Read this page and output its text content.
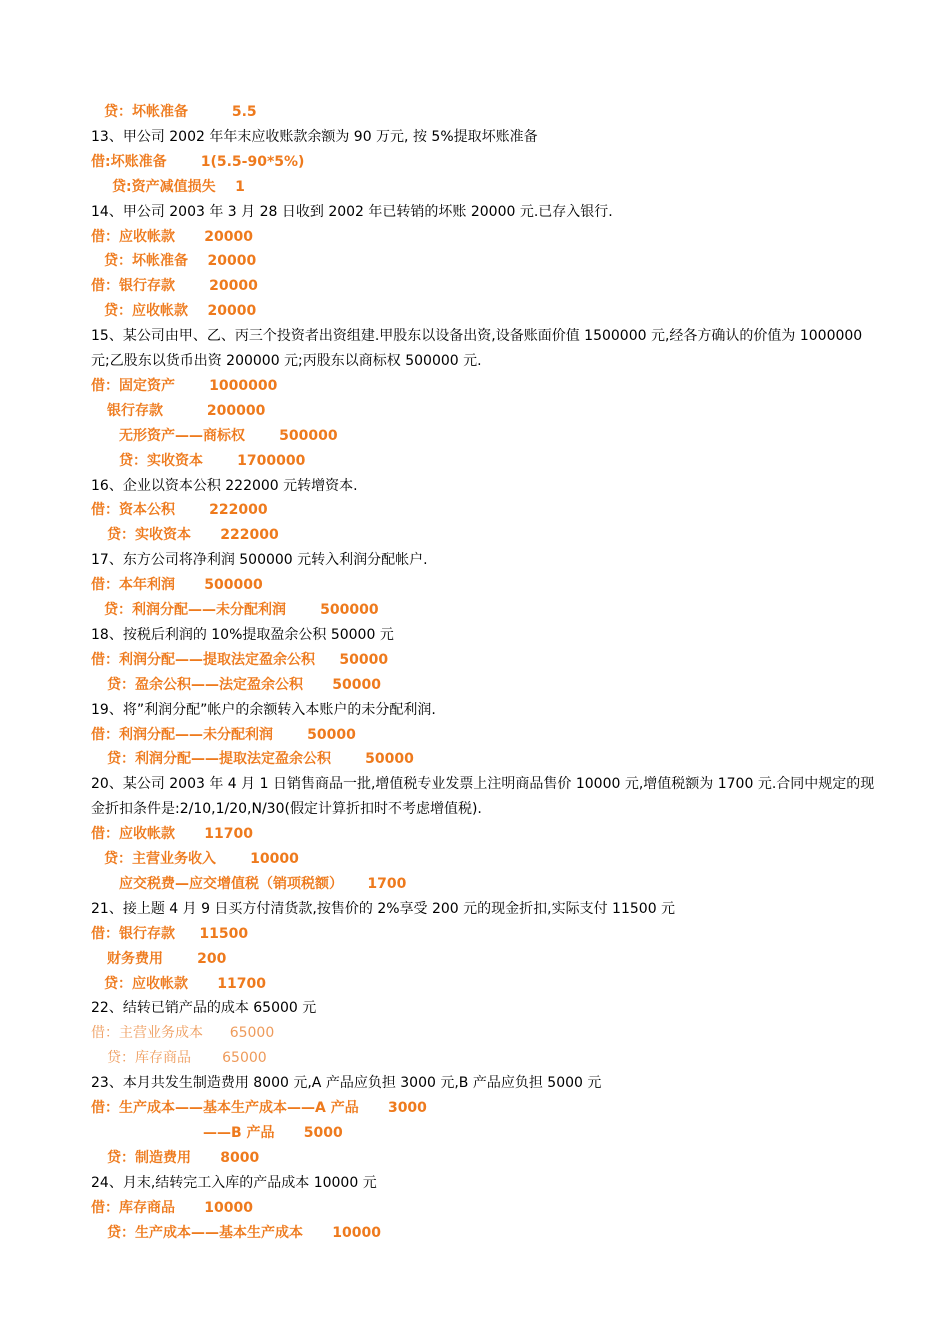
贷：坏帐准备         5.5
13、甲公司 2002 年年末应收账款余额为 90 万元, 按 5%提取坏账准备
借:坏账准备       1(5.5-90*5%)
贷:资产减值损失    1
14、甲公司 2003 年 3 月 28 日收到 2002 年已转销的坏账 20000 元.已存入银行.
借：应收帐款      20000
贷：坏帐准备    20000
借：银行存款       20000
贷：应收帐款    20000
15、某公司由甲、乙、丙三个投资者出资组建.甲股东以设备出资,设备账面价值 1500000 元,经各方确认的价值为 1000000
元;乙股东以货币出资 200000 元;丙股东以商标权 500000 元.
借：固定资产       1000000
银行存款         200000
无形资产——商标权       500000
贷：实收资本       1700000
16、企业以资本公积 222000 元转增资本.
借：资本公积       222000
贷：实收资本      222000
17、东方公司将净利润 500000 元转入利润分配帐户.
借：本年利润      500000
贷：利润分配——未分配利润       500000
18、按税后利润的 10%提取盈余公积 50000 元
借：利润分配——提取法定盈余公积     50000
贷：盈余公积——法定盈余公积      50000
19、将”利润分配”帐户的余额转入本账户的未分配利润.
借：利润分配——未分配利润       50000
贷：利润分配——提取法定盈余公积       50000
20、某公司 2003 年 4 月 1 日销售商品一批,增值税专业发票上注明商品售价 10000 元,增值税额为 1700 元.合同中规定的现
金折扣条件是:2/10,1/20,N/30(假定计算折扣时不考虑增值税).
借：应收帐款      11700
贷：主营业务收入       10000
应交税费—应交增值税（销项税额）     1700
21、接上题 4 月 9 日买方付清货款,按售价的 2%享受 200 元的现金折扣,实际支付 11500 元
借：银行存款     11500
财务费用       200
贷：应收帐款      11700
22、结转已销产品的成本 65000 元
借：主营业务成本      65000
贷：库存商品       65000
23、本月共发生制造费用 8000 元,A 产品应负担 3000 元,B 产品应负担 5000 元
借：生产成本——基本生产成本——A 产品      3000
——B 产品      5000
贷：制造费用      8000
24、月末,结转完工入库的产品成本 10000 元
借：库存商品      10000
贷：生产成本——基本生产成本      10000
